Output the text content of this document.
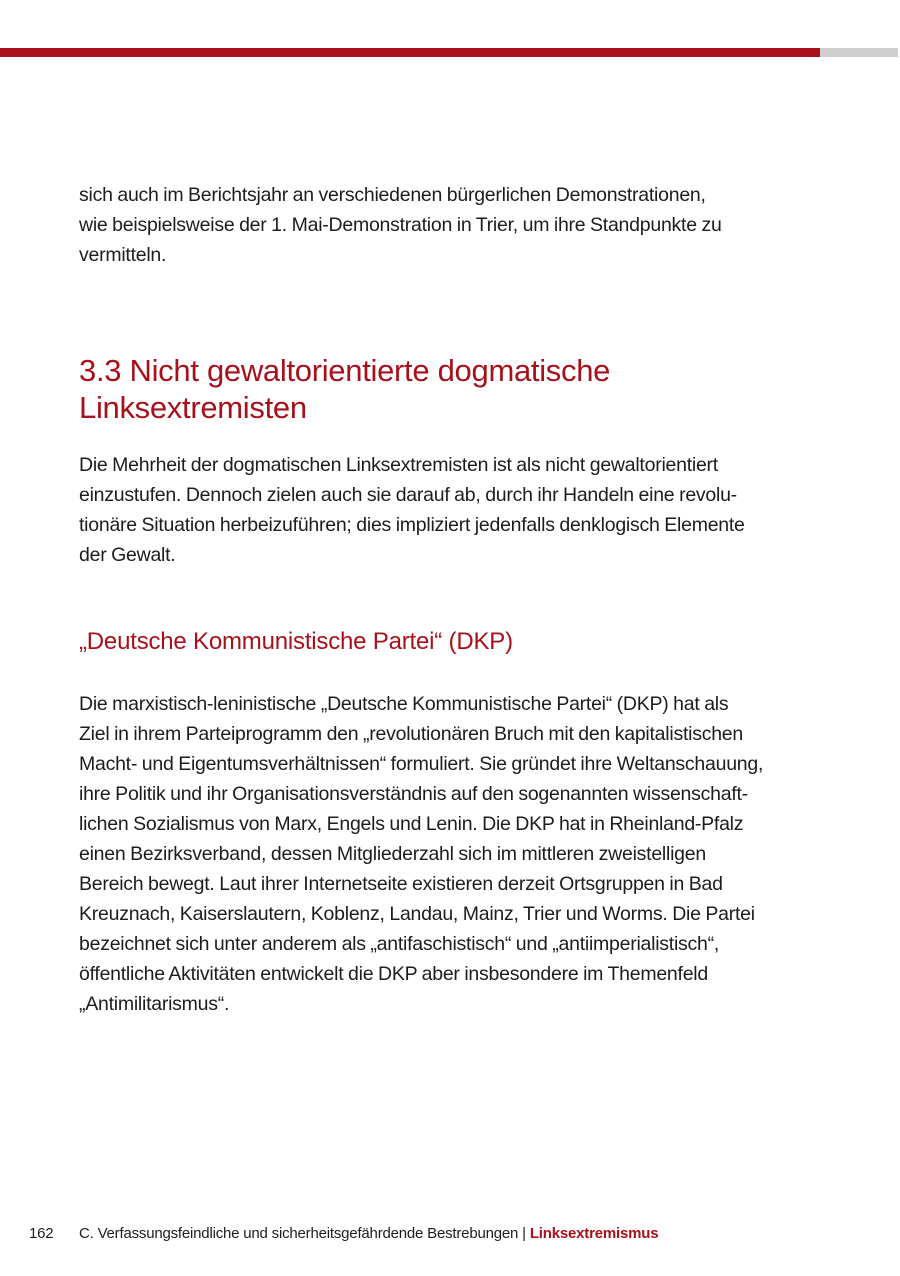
sich auch im Berichtsjahr an verschiedenen bürgerlichen Demonstrationen,
wie beispielsweise der 1. Mai-Demonstration in Trier, um ihre Standpunkte zu
vermitteln.

3.3 Nicht gewaltorientierte dogmatische
Linksextremisten

Die Mehrheit der dogmatischen Linksextremisten ist als nicht gewaltorientiert
einzustufen. Dennoch zielen auch sie darauf ab, durch ihr Handeln eine revolu-
tionäre Situation herbeizuführen; dies impliziert jedenfalls denklogisch Elemente
der Gewalt.

„Deutsche Kommunistische Partei“ (DKP)

Die marxistisch-leninistische „Deutsche Kommunistische Partei“ (DKP) hat als
Ziel in ihrem Parteiprogramm den „revolutionären Bruch mit den kapitalistischen
Macht- und Eigentumsverhältnissen“ formuliert. Sie gründet ihre Weltanschauung,
ihre Politik und ihr Organisationsverständnis auf den sogenannten wissenschaft-
lichen Sozialismus von Marx, Engels und Lenin. Die DKP hat in Rheinland-Pfalz
einen Bezirksverband, dessen Mitgliederzahl sich im mittleren zweistelligen
Bereich bewegt. Laut ihrer Internetseite existieren derzeit Ortsgruppen in Bad
Kreuznach, Kaiserslautern, Koblenz, Landau, Mainz, Trier und Worms. Die Partei
bezeichnet sich unter anderem als „antifaschistisch“ und „antiimperialistisch“,
öffentliche Aktivitäten entwickelt die DKP aber insbesondere im Themenfeld
„Antimilitarismus“.

162 C. Verfassungsfeindliche und sicherheitsgefährdende Bestrebungen | Linksextremismus
